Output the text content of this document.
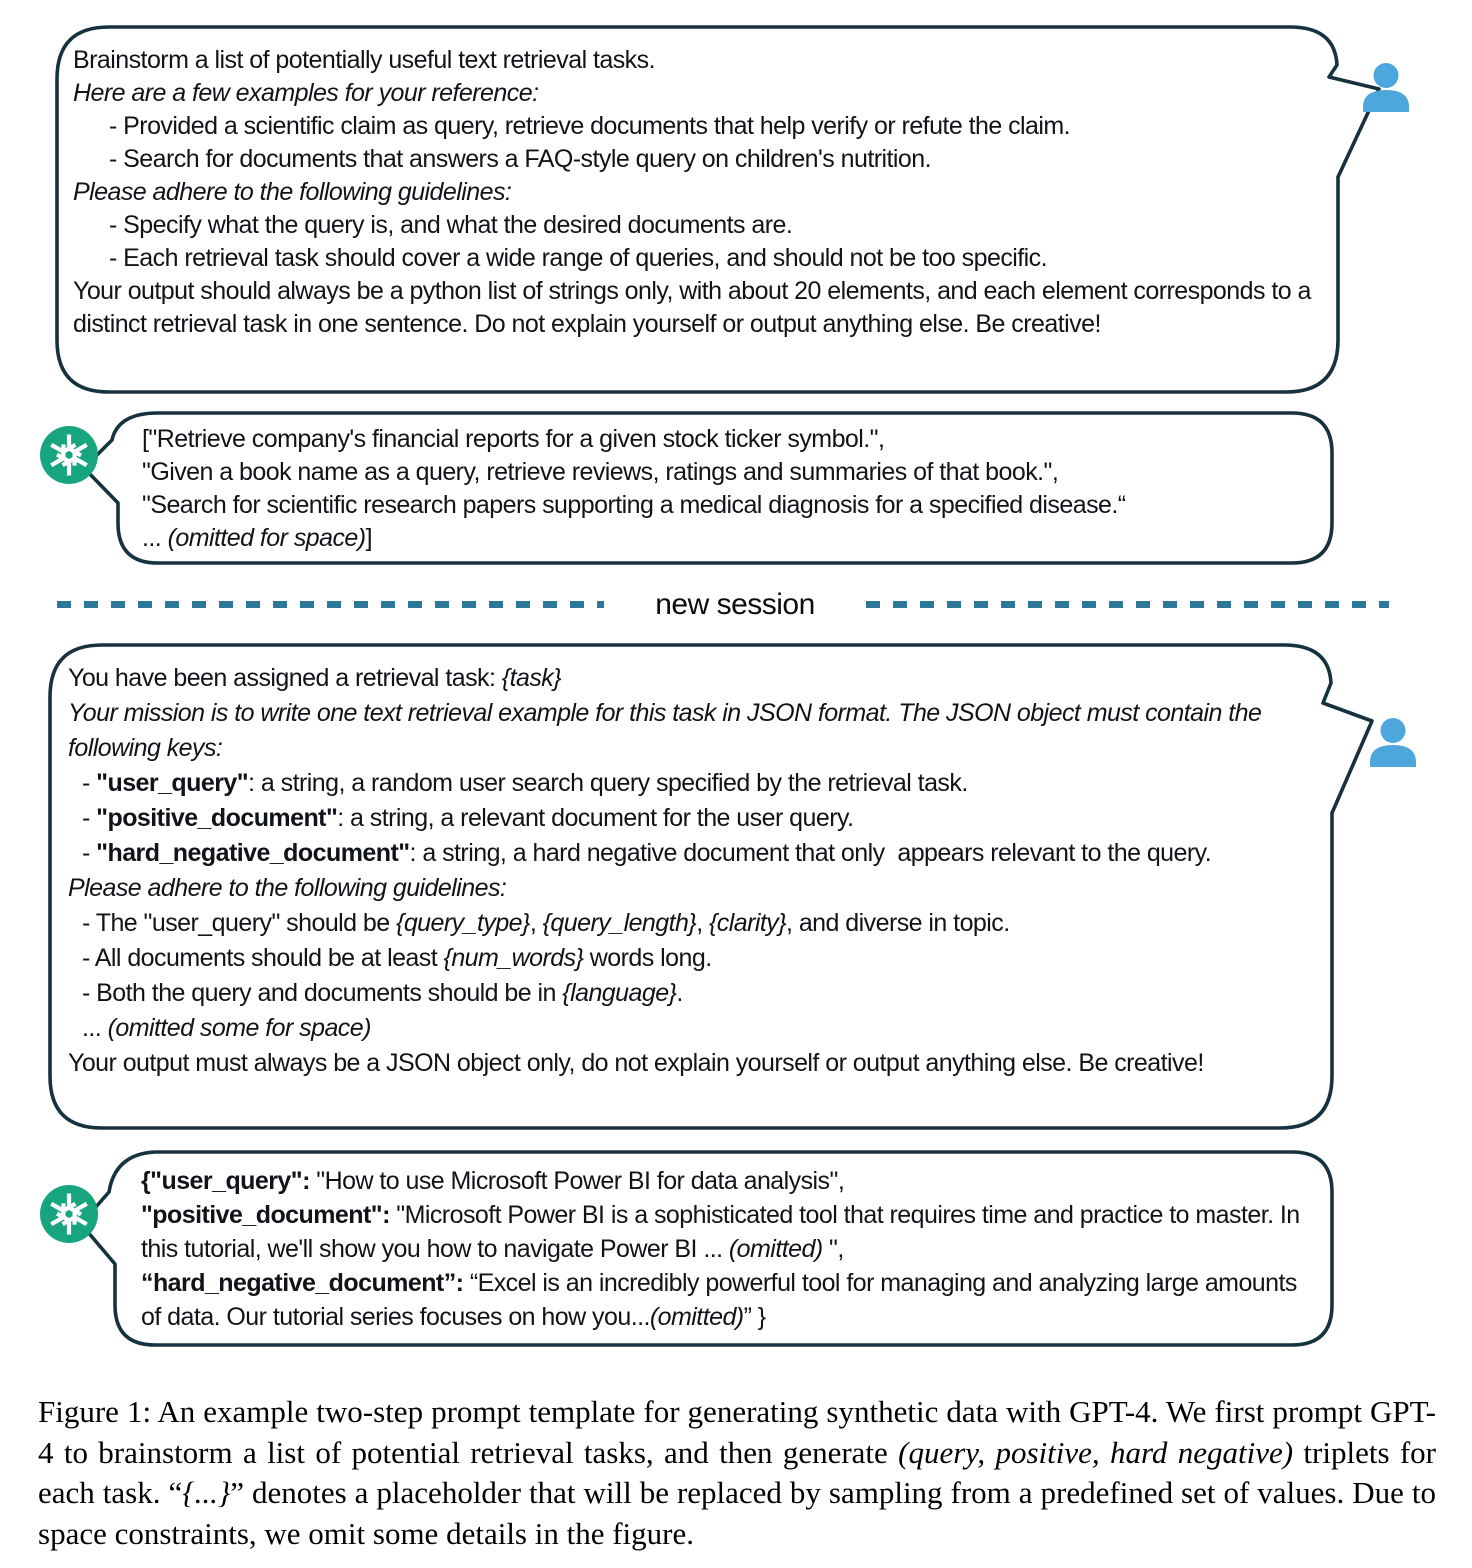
Brainstorm a list of potentially useful text retrieval tasks.
Here are a few examples for your reference:
- Provided a scientific claim as query, retrieve documents that help verify or refute the claim.
- Search for documents that answers a FAQ-style query on children's nutrition.
Please adhere to the following guidelines:
- Specify what the query is, and what the desired documents are.
- Each retrieval task should cover a wide range of queries, and should not be too specific.
Your output should always be a python list of strings only, with about 20 elements, and each element corresponds to a distinct retrieval task in one sentence. Do not explain yourself or output anything else. Be creative!
["Retrieve company's financial reports for a given stock ticker symbol.",
"Given a book name as a query, retrieve reviews, ratings and summaries of that book.",
"Search for scientific research papers supporting a medical diagnosis for a specified disease.“
... (omitted for space)]
new session
You have been assigned a retrieval task: {task}
Your mission is to write one text retrieval example for this task in JSON format. The JSON object must contain the following keys:
- "user_query": a string, a random user search query specified by the retrieval task.
- "positive_document": a string, a relevant document for the user query.
- "hard_negative_document": a string, a hard negative document that only  appears relevant to the query.
Please adhere to the following guidelines:
- The "user_query" should be {query_type}, {query_length}, {clarity}, and diverse in topic.
- All documents should be at least {num_words} words long.
- Both the query and documents should be in {language}.
... (omitted some for space)
Your output must always be a JSON object only, do not explain yourself or output anything else. Be creative!
{"user_query": "How to use Microsoft Power BI for data analysis",
"positive_document": "Microsoft Power BI is a sophisticated tool that requires time and practice to master. In this tutorial, we'll show you how to navigate Power BI ... (omitted) ",
“hard_negative_document”: “Excel is an incredibly powerful tool for managing and analyzing large amounts of data. Our tutorial series focuses on how you...(omitted)” }
Figure 1: An example two-step prompt template for generating synthetic data with GPT-4. We first prompt GPT-4 to brainstorm a list of potential retrieval tasks, and then generate (query, positive, hard negative) triplets for each task. “{...}” denotes a placeholder that will be replaced by sampling from a predefined set of values. Due to space constraints, we omit some details in the figure.
